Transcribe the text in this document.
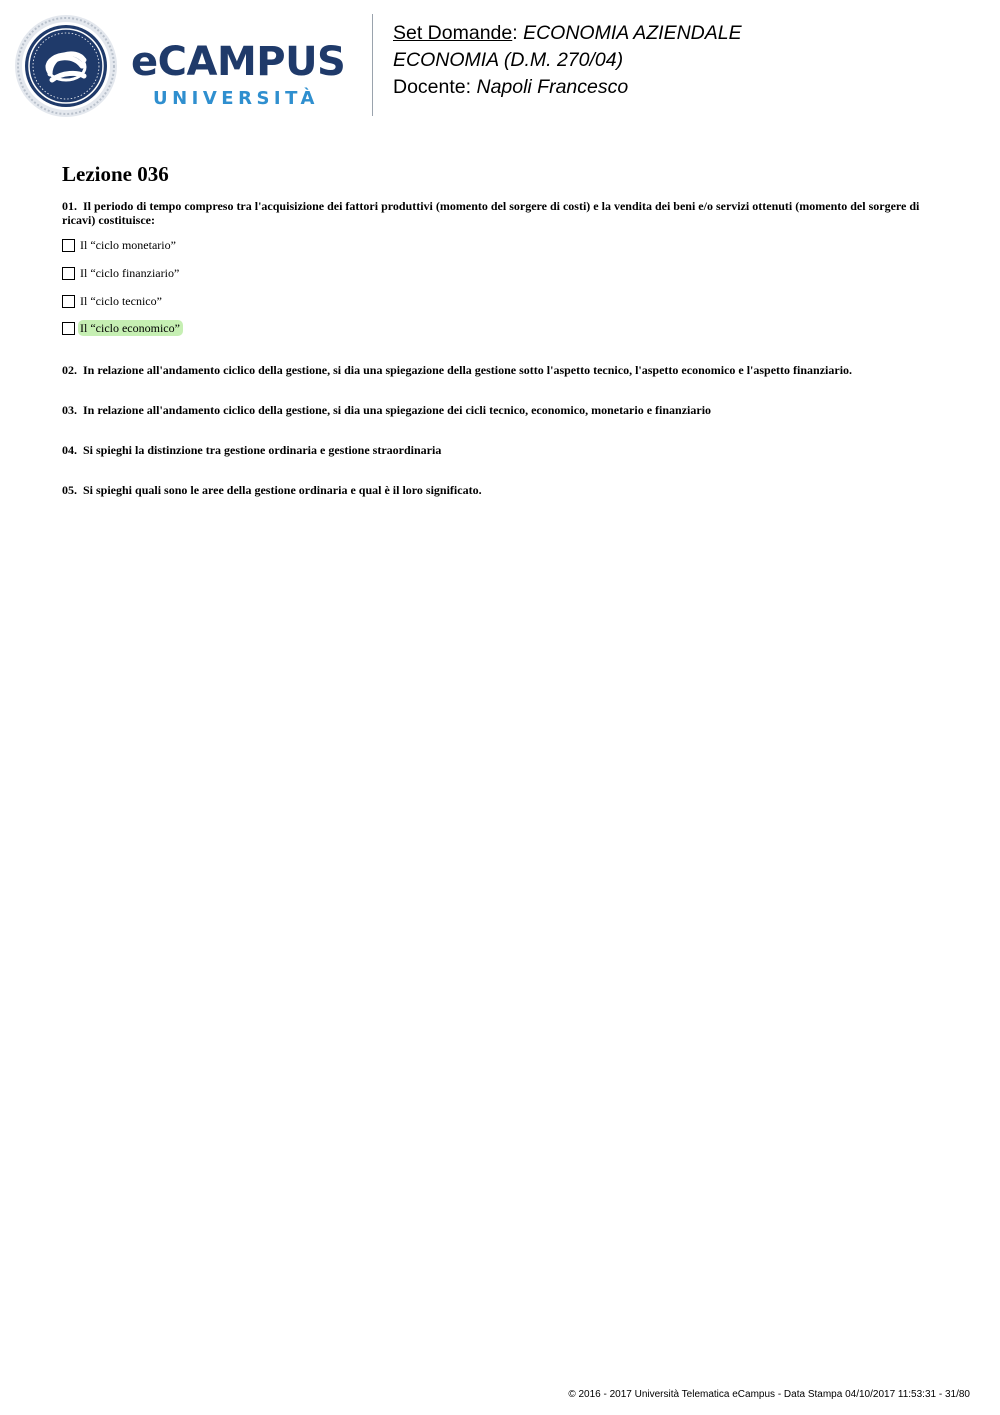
eCAMPUS
UNIVERSITÀ
Set Domande: ECONOMIA AZIENDALE
ECONOMIA (D.M. 270/04)
Docente: Napoli Francesco
Lezione 036

01. Il periodo di tempo compreso tra l'acquisizione dei fattori produttivi (momento del sorgere di costi) e la vendita dei beni e/o servizi ottenuti (momento del sorgere di ricavi) costituisce:

Il “ciclo monetario”
Il “ciclo finanziario”
Il “ciclo tecnico”
Il “ciclo economico”

02. In relazione all'andamento ciclico della gestione, si dia una spiegazione della gestione sotto l'aspetto tecnico, l'aspetto economico e l'aspetto finanziario.

03. In relazione all'andamento ciclico della gestione, si dia una spiegazione dei cicli tecnico, economico, monetario e finanziario

04. Si spieghi la distinzione tra gestione ordinaria e gestione straordinaria

05. Si spieghi quali sono le aree della gestione ordinaria e qual è il loro significato.

© 2016 - 2017 Università Telematica eCampus - Data Stampa 04/10/2017 11:53:31 - 31/80
